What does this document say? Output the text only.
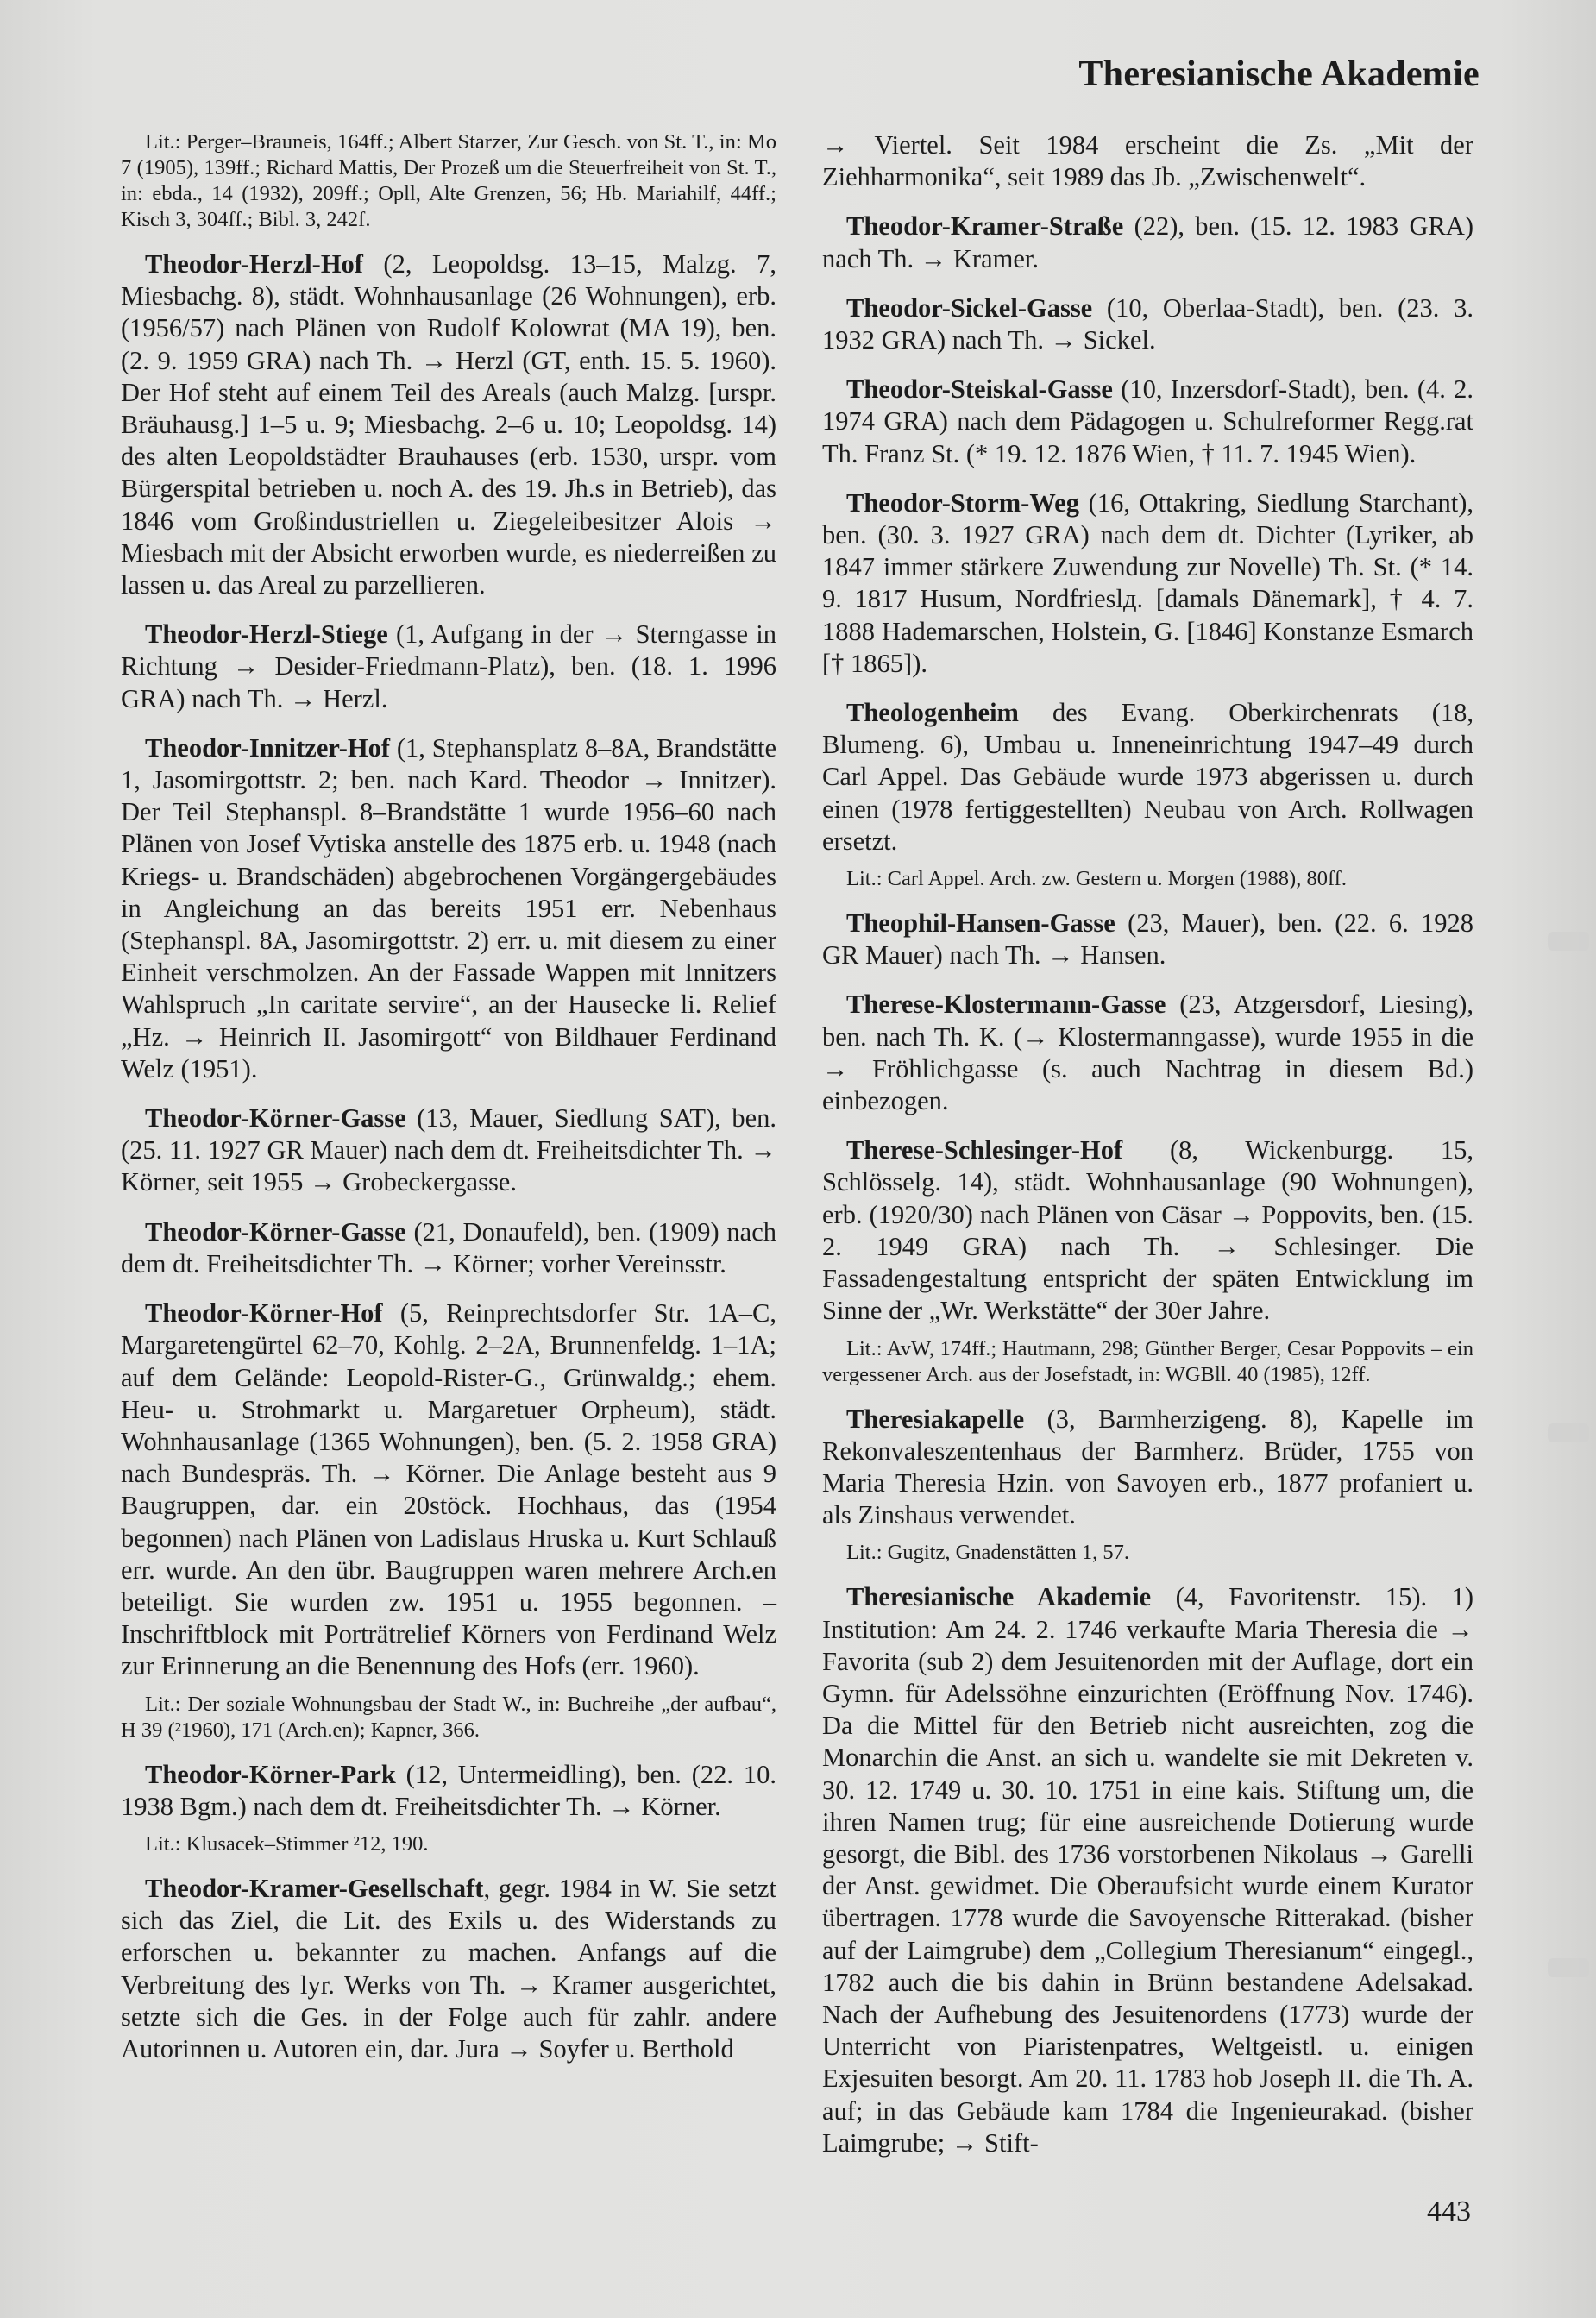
Theresianische Akademie

Lit.: Perger–Brauneis, 164ff.; Albert Starzer, Zur Gesch. von St. T., in: Mo 7 (1905), 139ff.; Richard Mattis, Der Prozeß um die Steuerfreiheit von St. T., in: ebda., 14 (1932), 209ff.; Opll, Alte Grenzen, 56; Hb. Mariahilf, 44ff.; Kisch 3, 304ff.; Bibl. 3, 242f.

Theodor-Herzl-Hof (2, Leopoldsg. 13–15, Malzg. 7, Miesbachg. 8), städt. Wohnhausanlage (26 Wohnungen), erb. (1956/57) nach Plänen von Rudolf Kolowrat (MA 19), ben. (2. 9. 1959 GRA) nach Th. → Herzl (GT, enth. 15. 5. 1960). Der Hof steht auf einem Teil des Areals (auch Malzg. [urspr. Bräuhausg.] 1–5 u. 9; Miesbachg. 2–6 u. 10; Leopoldsg. 14) des alten Leopoldstädter Brauhauses (erb. 1530, urspr. vom Bürgerspital betrieben u. noch A. des 19. Jh.s in Betrieb), das 1846 vom Großindustriellen u. Ziegeleibesitzer Alois → Miesbach mit der Absicht erworben wurde, es niederreißen zu lassen u. das Areal zu parzellieren.

Theodor-Herzl-Stiege (1, Aufgang in der → Sterngasse in Richtung → Desider-Friedmann-Platz), ben. (18. 1. 1996 GRA) nach Th. → Herzl.

Theodor-Innitzer-Hof (1, Stephansplatz 8–8A, Brandstätte 1, Jasomirgottstr. 2; ben. nach Kard. Theodor → Innitzer). Der Teil Stephanspl. 8–Brandstätte 1 wurde 1956–60 nach Plänen von Josef Vytiska anstelle des 1875 erb. u. 1948 (nach Kriegs- u. Brandschäden) abgebrochenen Vorgängergebäudes in Angleichung an das bereits 1951 err. Nebenhaus (Stephanspl. 8A, Jasomirgottstr. 2) err. u. mit diesem zu einer Einheit verschmolzen. An der Fassade Wappen mit Innitzers Wahlspruch „In caritate servire“, an der Hausecke li. Relief „Hz. → Heinrich II. Jasomirgott“ von Bildhauer Ferdinand Welz (1951).

Theodor-Körner-Gasse (13, Mauer, Siedlung SAT), ben. (25. 11. 1927 GR Mauer) nach dem dt. Freiheitsdichter Th. → Körner, seit 1955 → Grobeckergasse.

Theodor-Körner-Gasse (21, Donaufeld), ben. (1909) nach dem dt. Freiheitsdichter Th. → Körner; vorher Vereinsstr.

Theodor-Körner-Hof (5, Reinprechtsdorfer Str. 1A–C, Margaretengürtel 62–70, Kohlg. 2–2A, Brunnenfeldg. 1–1A; auf dem Gelände: Leopold-Rister-G., Grünwaldg.; ehem. Heu- u. Strohmarkt u. Margaretuer Orpheum), städt. Wohnhausanlage (1365 Wohnungen), ben. (5. 2. 1958 GRA) nach Bundespräs. Th. → Körner. Die Anlage besteht aus 9 Baugruppen, dar. ein 20stöck. Hochhaus, das (1954 begonnen) nach Plänen von Ladislaus Hruska u. Kurt Schlauß err. wurde. An den übr. Baugruppen waren mehrere Arch.en beteiligt. Sie wurden zw. 1951 u. 1955 begonnen. – Inschriftblock mit Porträtrelief Körners von Ferdinand Welz zur Erinnerung an die Benennung des Hofs (err. 1960).

Lit.: Der soziale Wohnungsbau der Stadt W., in: Buchreihe „der aufbau“, H 39 (²1960), 171 (Arch.en); Kapner, 366.

Theodor-Körner-Park (12, Untermeidling), ben. (22. 10. 1938 Bgm.) nach dem dt. Freiheitsdichter Th. → Körner.

Lit.: Klusacek–Stimmer ²12, 190.

Theodor-Kramer-Gesellschaft, gegr. 1984 in W. Sie setzt sich das Ziel, die Lit. des Exils u. des Widerstands zu erforschen u. bekannter zu machen. Anfangs auf die Verbreitung des lyr. Werks von Th. → Kramer ausgerichtet, setzte sich die Ges. in der Folge auch für zahlr. andere Autorinnen u. Autoren ein, dar. Jura → Soyfer u. Berthold

→ Viertel. Seit 1984 erscheint die Zs. „Mit der Ziehharmonika“, seit 1989 das Jb. „Zwischenwelt“.

Theodor-Kramer-Straße (22), ben. (15. 12. 1983 GRA) nach Th. → Kramer.

Theodor-Sickel-Gasse (10, Oberlaa-Stadt), ben. (23. 3. 1932 GRA) nach Th. → Sickel.

Theodor-Steiskal-Gasse (10, Inzersdorf-Stadt), ben. (4. 2. 1974 GRA) nach dem Pädagogen u. Schulreformer Regg.rat Th. Franz St. (* 19. 12. 1876 Wien, † 11. 7. 1945 Wien).

Theodor-Storm-Weg (16, Ottakring, Siedlung Starchant), ben. (30. 3. 1927 GRA) nach dem dt. Dichter (Lyriker, ab 1847 immer stärkere Zuwendung zur Novelle) Th. St. (* 14. 9. 1817 Husum, Nordfrieslд. [damals Dänemark], † 4. 7. 1888 Hademarschen, Holstein, G. [1846] Konstanze Esmarch [† 1865]).

Theologenheim des Evang. Oberkirchenrats (18, Blumeng. 6), Umbau u. Inneneinrichtung 1947–49 durch Carl Appel. Das Gebäude wurde 1973 abgerissen u. durch einen (1978 fertiggestellten) Neubau von Arch. Rollwagen ersetzt.

Lit.: Carl Appel. Arch. zw. Gestern u. Morgen (1988), 80ff.

Theophil-Hansen-Gasse (23, Mauer), ben. (22. 6. 1928 GR Mauer) nach Th. → Hansen.

Therese-Klostermann-Gasse (23, Atzgersdorf, Liesing), ben. nach Th. K. (→ Klostermanngasse), wurde 1955 in die → Fröhlichgasse (s. auch Nachtrag in diesem Bd.) einbezogen.

Therese-Schlesinger-Hof (8, Wickenburgg. 15, Schlösselg. 14), städt. Wohnhausanlage (90 Wohnungen), erb. (1920/30) nach Plänen von Cäsar → Poppovits, ben. (15. 2. 1949 GRA) nach Th. → Schlesinger. Die Fassadengestaltung entspricht der späten Entwicklung im Sinne der „Wr. Werkstätte“ der 30er Jahre.

Lit.: AvW, 174ff.; Hautmann, 298; Günther Berger, Cesar Poppovits – ein vergessener Arch. aus der Josefstadt, in: WGBll. 40 (1985), 12ff.

Theresiakapelle (3, Barmherzigeng. 8), Kapelle im Rekonvaleszentenhaus der Barmherz. Brüder, 1755 von Maria Theresia Hzin. von Savoyen erb., 1877 profaniert u. als Zinshaus verwendet.

Lit.: Gugitz, Gnadenstätten 1, 57.

Theresianische Akademie (4, Favoritenstr. 15). 1) Institution: Am 24. 2. 1746 verkaufte Maria Theresia die → Favorita (sub 2) dem Jesuitenorden mit der Auflage, dort ein Gymn. für Adelssöhne einzurichten (Eröffnung Nov. 1746). Da die Mittel für den Betrieb nicht ausreichten, zog die Monarchin die Anst. an sich u. wandelte sie mit Dekreten v. 30. 12. 1749 u. 30. 10. 1751 in eine kais. Stiftung um, die ihren Namen trug; für eine ausreichende Dotierung wurde gesorgt, die Bibl. des 1736 vorstorbenen Nikolaus → Garelli der Anst. gewidmet. Die Oberaufsicht wurde einem Kurator übertragen. 1778 wurde die Savoyensche Ritterakad. (bisher auf der Laimgrube) dem „Collegium Theresianum“ eingegl., 1782 auch die bis dahin in Brünn bestandene Adelsakad. Nach der Aufhebung des Jesuitenordens (1773) wurde der Unterricht von Piaristenpatres, Weltgeistl. u. einigen Exjesuiten besorgt. Am 20. 11. 1783 hob Joseph II. die Th. A. auf; in das Gebäude kam 1784 die Ingenieurakad. (bisher Laimgrube; → Stift-

443
